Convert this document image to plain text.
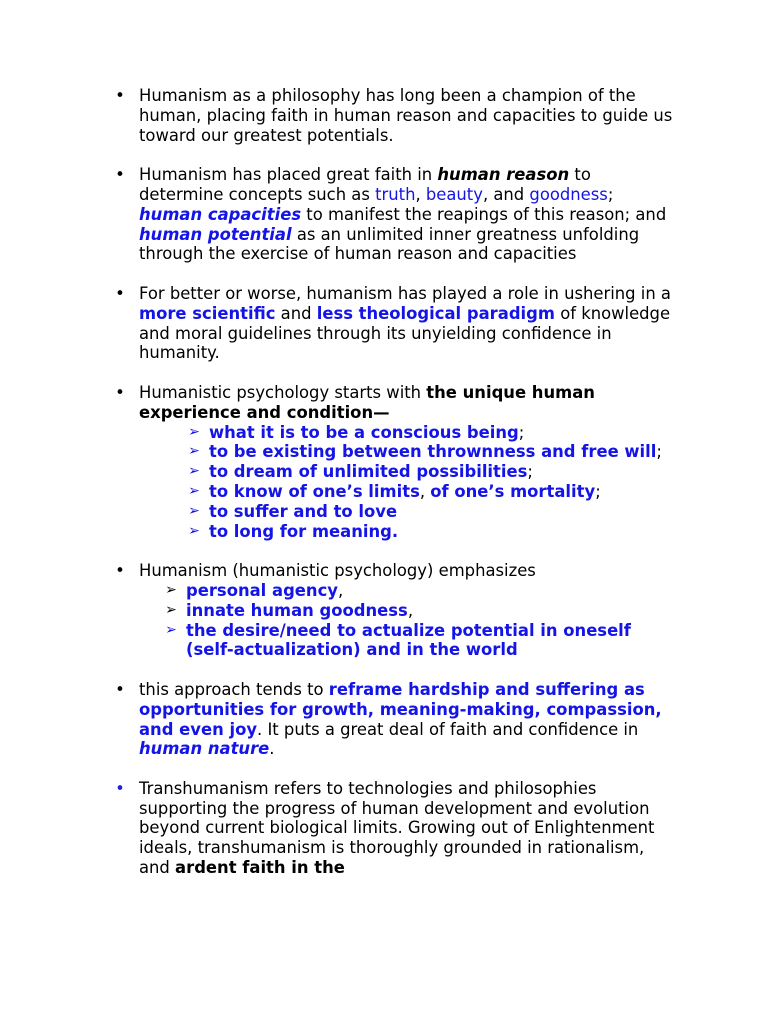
• Humanism as a philosophy has long been a champion of the human, placing faith in human reason and capacities to guide us toward our greatest potentials.
• Humanism has placed great faith in human reason to determine concepts such as truth, beauty, and goodness; human capacities to manifest the reapings of this reason; and human potential as an unlimited inner greatness unfolding through the exercise of human reason and capacities
• For better or worse, humanism has played a role in ushering in a more scientific and less theological paradigm of knowledge and moral guidelines through its unyielding confidence in humanity.
• Humanistic psychology starts with the unique human experience and condition—
➢ what it is to be a conscious being;
➢ to be existing between thrownness and free will;
➢ to dream of unlimited possibilities;
➢ to know of one’s limits, of one’s mortality;
➢ to suffer and to love
➢ to long for meaning.
• Humanism (humanistic psychology) emphasizes
➢ personal agency,
➢ innate human goodness,
➢ the desire/need to actualize potential in oneself (self-actualization) and in the world
• this approach tends to reframe hardship and suffering as opportunities for growth, meaning-making, compassion, and even joy. It puts a great deal of faith and confidence in human nature.
• Transhumanism refers to technologies and philosophies supporting the progress of human development and evolution beyond current biological limits. Growing out of Enlightenment ideals, transhumanism is thoroughly grounded in rationalism, and ardent faith in the
